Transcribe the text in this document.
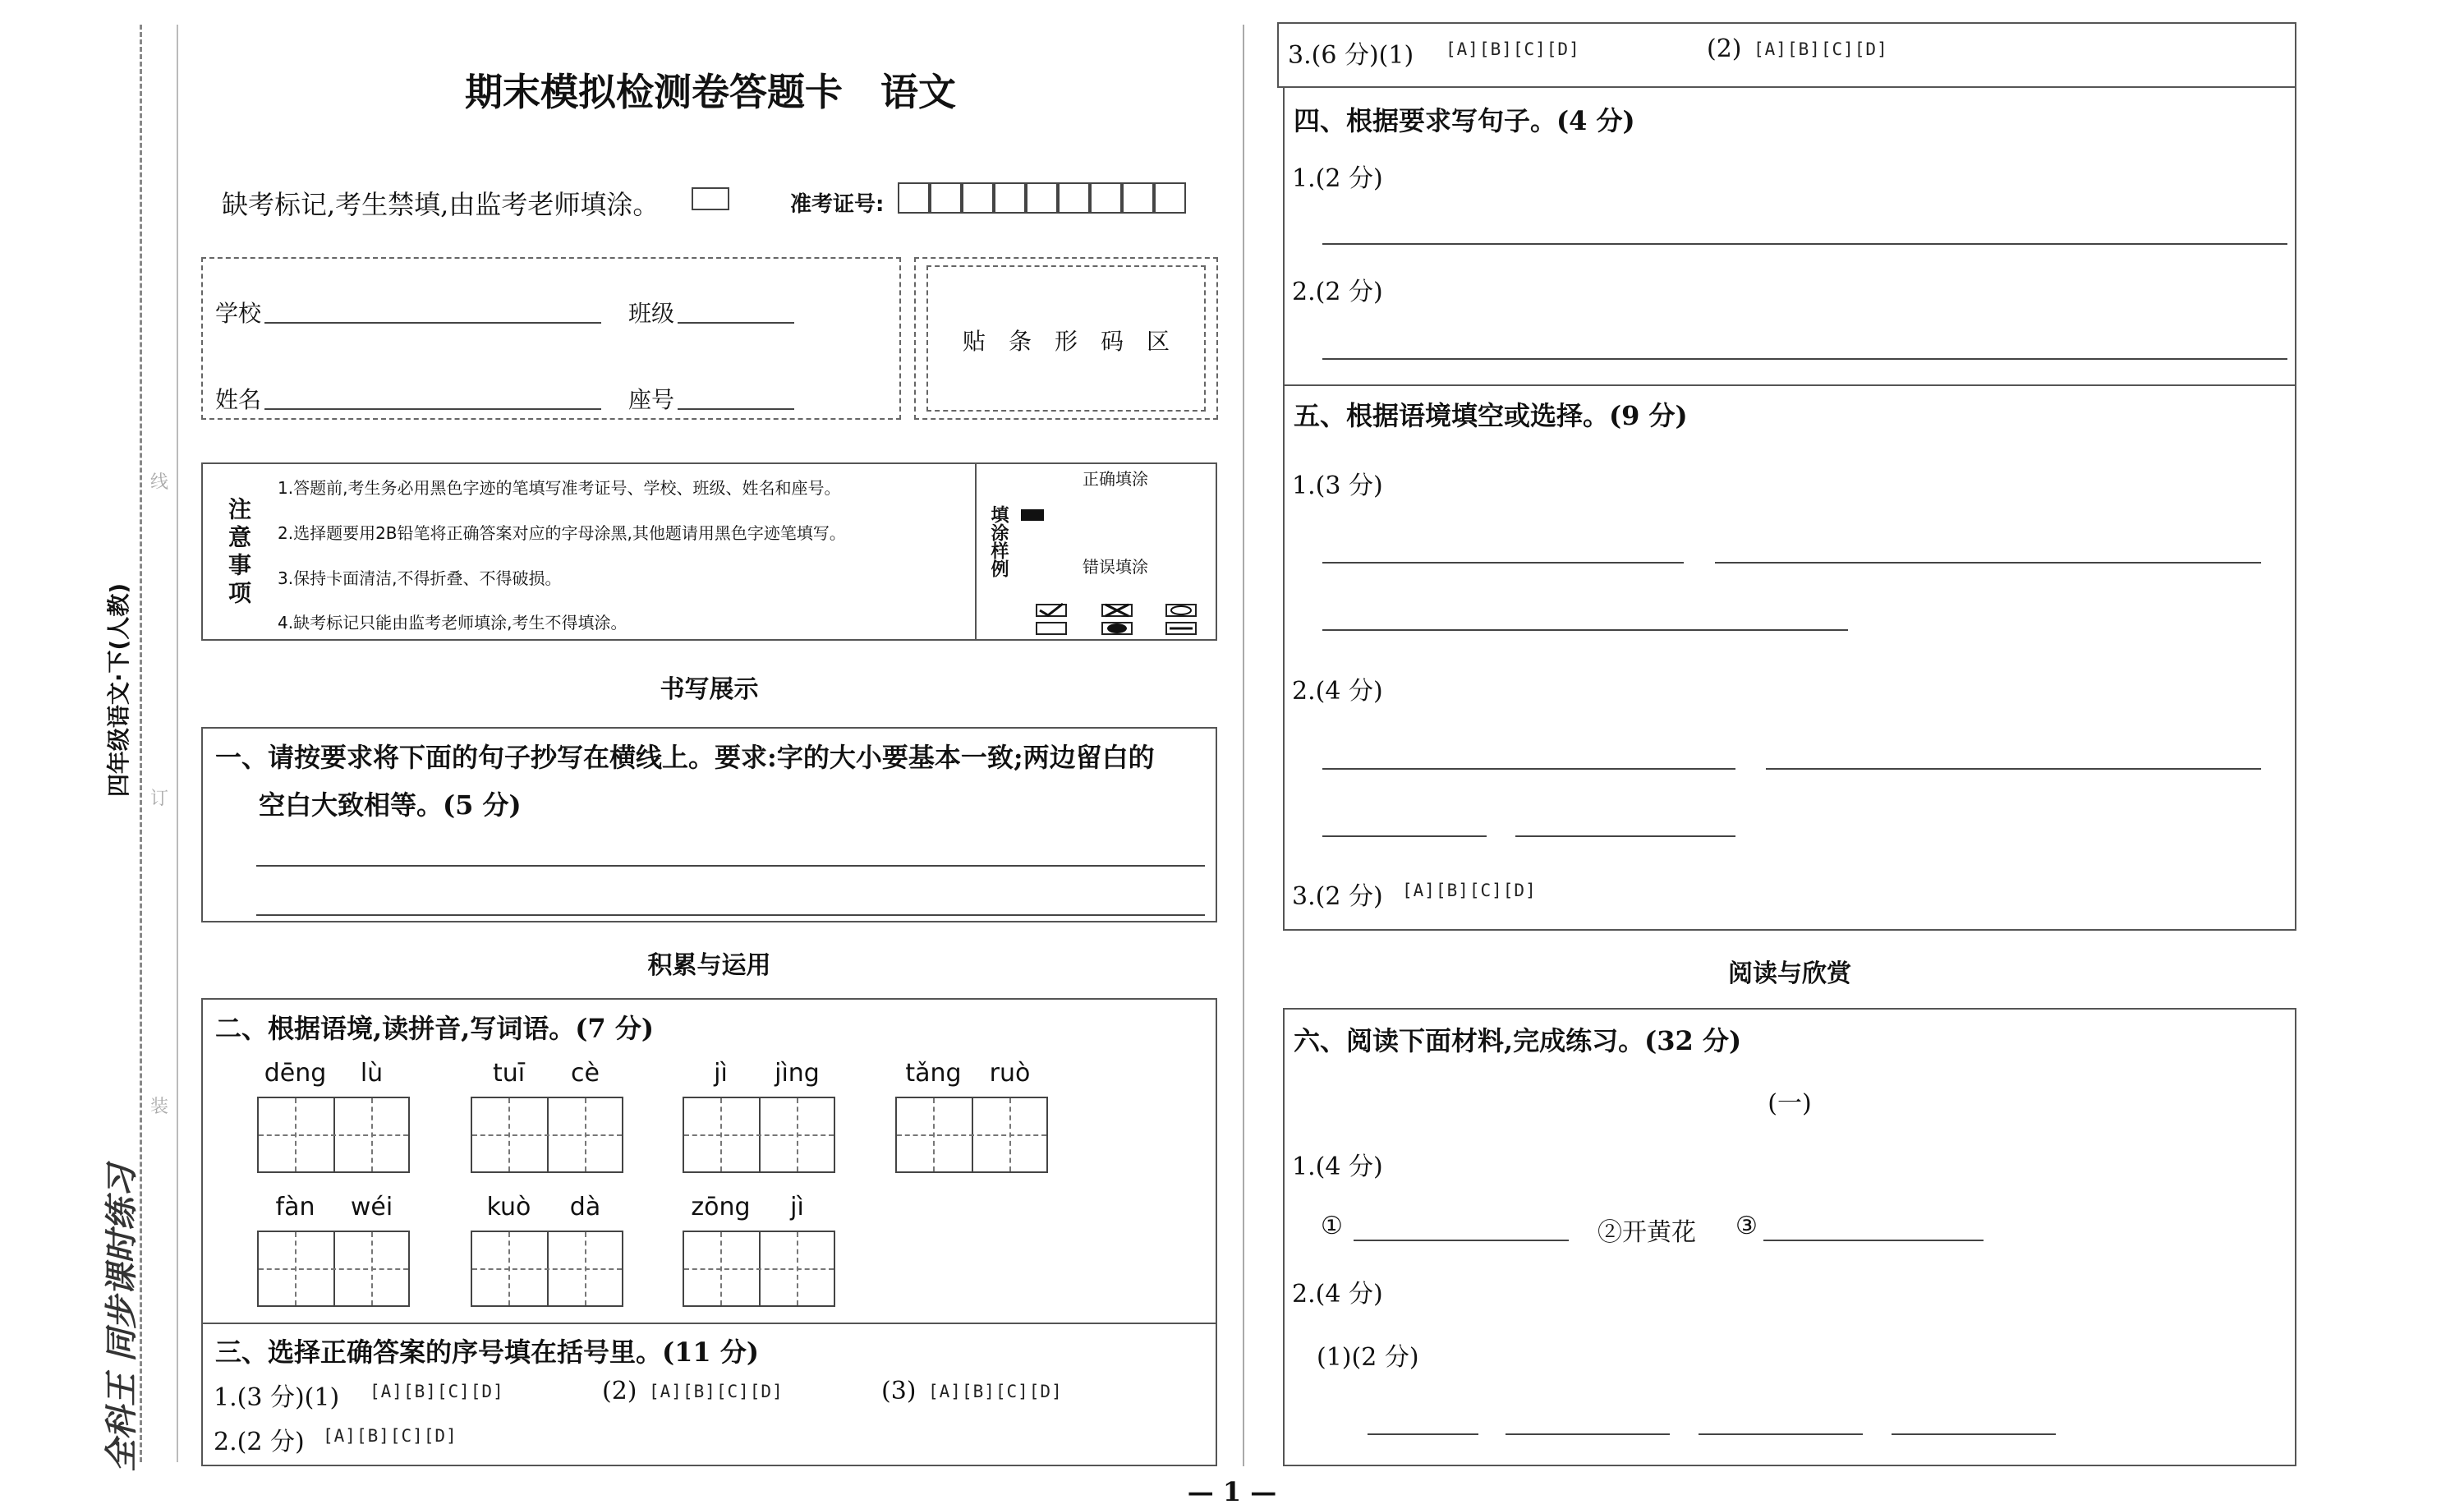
线
订
装
四年级语文·下(人教)
全科王 同步课时练习
期末模拟检测卷答题卡　语文
缺考标记,考生禁填,由监考老师填涂。	准考证号:
学校	班级
姓名	座号
贴　条　形　码　区
注意事项
1.答题前,考生务必用黑色字迹的笔填写准考证号、学校、班级、姓名和座号。
2.选择题要用2B铅笔将正确答案对应的字母涂黑,其他题请用黑色字迹笔填写。
3.保持卡面清洁,不得折叠、不得破损。
4.缺考标记只能由监考老师填涂,考生不得填涂。
填涂样例
正确填涂
错误填涂
书写展示
一、请按要求将下面的句子抄写在横线上。要求:字的大小要基本一致;两边留白的
空白大致相等。(5 分)
积累与运用
二、根据语境,读拼音,写词语。(7 分)
dēng	lù	tuī	cè	jì	jìng	tǎng	ruò
fàn	wéi	kuò	dà	zōng	jì
三、选择正确答案的序号填在括号里。(11 分)
1.(3 分)(1) [A][B][C][D]	(2) [A][B][C][D]	(3) [A][B][C][D]
2.(2 分) [A][B][C][D]
3.(6 分)(1) [A][B][C][D]	(2) [A][B][C][D]
四、根据要求写句子。(4 分)
1.(2 分)
2.(2 分)
五、根据语境填空或选择。(9 分)
1.(3 分)
2.(4 分)
3.(2 分) [A][B][C][D]
阅读与欣赏
六、阅读下面材料,完成练习。(32 分)
(一)
1.(4 分)
①	②开黄花 ③
2.(4 分)
(1)(2 分)
— 1 —
